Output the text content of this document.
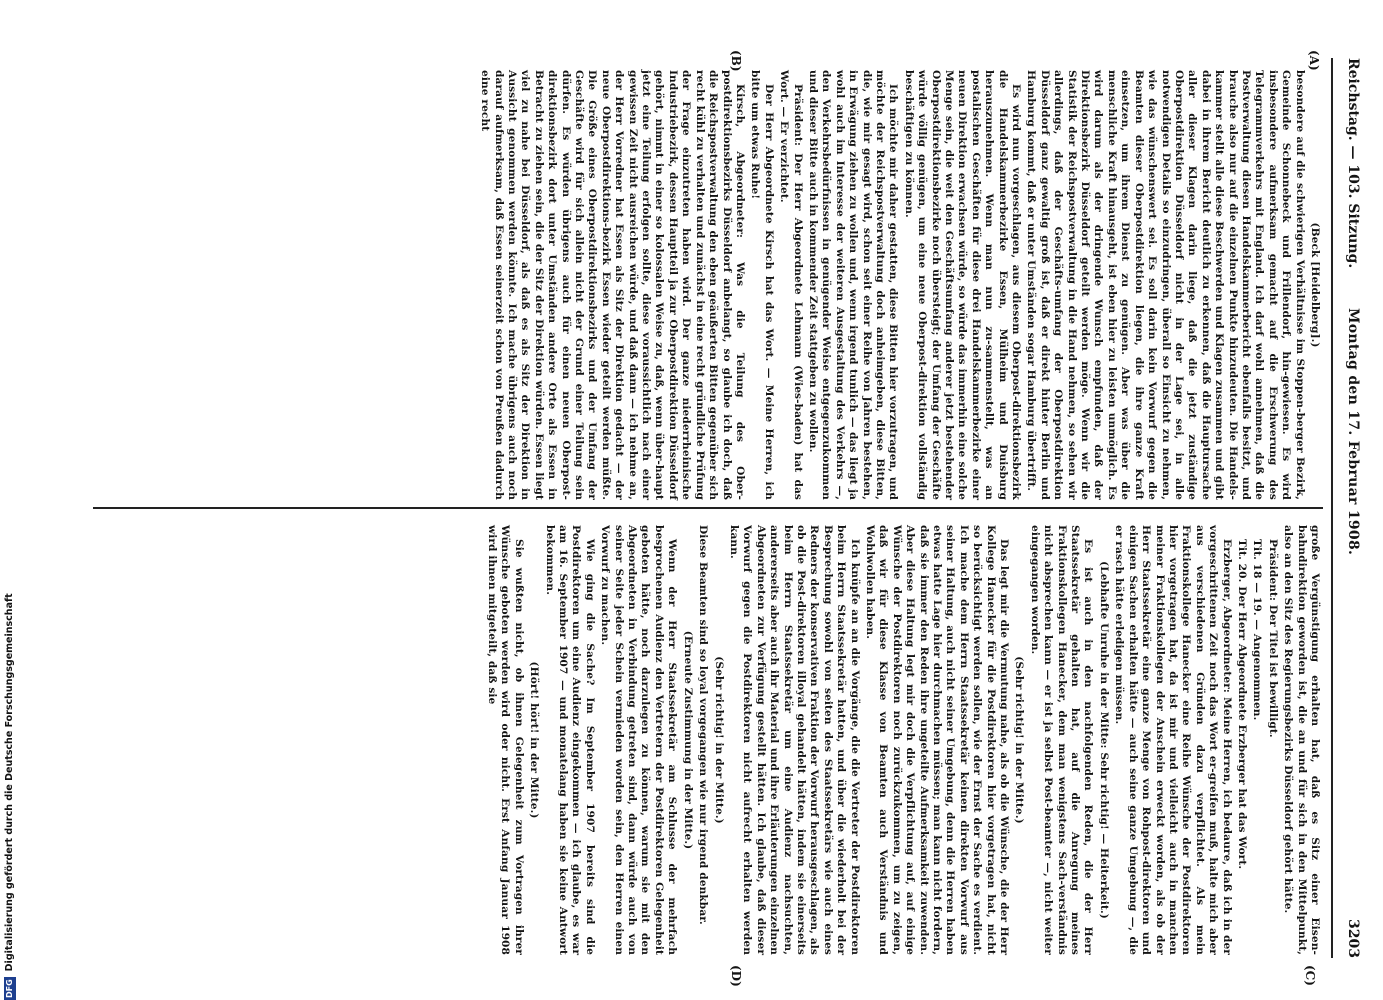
Reichstag. — 103. Sitzung.
Montag den 17. Februar 1908.
3203
(A)
(B)
(C)
(D)

(Beck [Heidelberg].)

besondere auf die schwierigen Verhältnisse im Stoppen-berger Bezirk, Gemeinde Schonnebeck und Frillendorf, hin-gewiesen. Es wird insbesondere aufmerksam gemacht auf die Erschwerung des Telegrammverkehrs mit England. Ich darf wohl annehmen, daß die Postverwaltung diesen Handelskammerbericht ebenfalls besitzt, und brauche also nur auf die einzelnen Punkte hinzudeuten. Die Handels-kammer stellt alle diese Beschwerden und Klagen zusammen und gibt dabei in ihrem Bericht deutlich zu erkennen, daß die Hauptursache aller dieser Klagen darin liege, daß die jetzt zuständige Oberpostdirektion Düsseldorf nicht in der Lage sei, in alle notwendigen Details so einzudringen, überall so Einsicht zu nehmen, wie das wünschenswert sei. Es soll darin kein Vorwurf gegen die Beamten dieser Oberpostdirektion liegen, die ihre ganze Kraft einsetzen, um ihrem Dienst zu genügen. Aber was über die menschliche Kraft hinausgeht, ist eben hier zu leisten unmöglich. Es wird darum als der dringende Wunsch empfunden, daß der Direktionsbezirk Düsseldorf geteilt werden möge. Wenn wir die Statistik der Reichspostverwaltung in die Hand nehmen, so sehen wir allerdings, daß der Geschäfts-umfang der Oberpostdirektion Düsseldorf ganz gewaltig groß ist, daß er direkt hinter Berlin und Hamburg kommt, daß er unter Umständen sogar Hamburg übertrifft.

Es wird nun vorgeschlagen, aus diesem Oberpost-direktionsbezirk die Handelskammerbezirke Essen, Mülheim und Duisburg herauszunehmen. Wenn man nun zu-sammenstellt, was an postalischen Geschäften für diese drei Handelskammerbezirke einer neuen Direktion erwachsen würde, so würde das immerhin eine solche Menge sein, die weit den Geschäftsumfang anderer jetzt bestehender Oberpostdirektionsbezirke noch übersteigt; der Umfang der Geschäfte würde völlig genügen, um eine neue Oberpost-direktion vollständig beschäftigen zu können.

Ich möchte mir daher gestatten, diese Bitten hier vorzutragen, und möchte der Reichspostverwaltung doch anheimgeben, diese Bitten, die, wie mir gesagt wird, schon seit einer Reihe von Jahren bestehen, in Erwägung ziehen zu wollen und, wenn irgend tunlich — das liegt ja wohl auch im Interesse der weiteren Ausgestaltung des Verkehrs —, den Verkehrsbedürfnissen in genügender Weise entgegenzukommen und dieser Bitte auch in kommender Zeit stattgeben zu wollen.

Präsident: Der Herr Abgeordnete Lehmann (Wies-baden) hat das Wort. — Er verzichtet.

Der Herr Abgeordnete Kirsch hat das Wort. — Meine Herren, ich bitte um etwas Ruhe!

Kirsch, Abgeordneter: Was die Teilung des Ober-postdirektionsbezirks Düsseldorf anbelangt, so glaube ich doch, daß die Reichspostverwaltung den eben geäußerten Bitten gegenüber sich recht kühl zu verhalten und zunächst in eine recht gründliche Prüfung der Frage einzutreten haben wird. Der ganze niederrheinische Industriebezirk, dessen Hauptteil ja zur Oberpostdirektion Düsseldorf gehört, nimmt in einer so kolossalen Weise zu, daß, wenn über-haupt jetzt eine Teilung erfolgen sollte, diese voraussichtlich nach einer gewissen Zeit nicht ausreichen würde, und daß dann — ich nehme an, der Herr Vorredner hat Essen als Sitz der Direktion gedacht — der neue Oberpostdirektions-bezirk Essen wieder geteilt werden müßte. Die Größe eines Oberpostdirektionsbezirks und der Umfang der Geschäfte wird für sich allein nicht der Grund einer Teilung sein dürfen. Es würden übrigens auch für einen neuen Oberpost-direktionsbezirk dort unter Umständen andere Orte als Essen in Betracht zu ziehen sein, die der Sitz der Direktion würden. Essen liegt viel zu nahe bei Düsseldorf, als daß es als Sitz der Direktion in Aussicht genommen werden könnte. Ich mache übrigens auch noch darauf aufmerksam, daß Essen seinerzeit schon von Preußen dadurch eine recht

große Vergünstigung erhalten hat, daß es Sitz einer Eisen-bahndirektion geworden ist, die an und für sich in den Mittelpunkt, also an den Sitz des Regierungsbezirks Düsseldorf gehört hätte.

Präsident: Der Titel ist bewilligt.

Tit. 18 — 19. — Angenommen.

Tit. 20. Der Herr Abgeordnete Erzberger hat das Wort.

Erzberger, Abgeordneter: Meine Herren, ich bedaure, daß ich in der vorgeschrittenen Zeit noch das Wort er-greifen muß, halte mich aber aus verschiedenen Gründen dazu verpflichtet. Als mein Fraktionskollege Hanecker eine Reihe Wünsche der Postdirektoren hier vorgetragen hat, da ist mir und vielleicht auch in manchen meiner Fraktionskollegen der Anschein erweckt worden, als ob der Herr Staatssekretär eine ganze Menge von Rohpost-direktoren und einigen Sachen erhalten hätte — auch seine ganze Umgebung —, die er rasch hätte erledigen müssen.

(Lebhafte Unruhe in der Mitte: Sehr richtig! — Heiterkeit.)

Es ist auch in den nachfolgenden Reden, die der Herr Staatssekretär gehalten hat, auf die Anregung meines Fraktionskollegen Hanecker, dem man wenigstens Sach-verständnis nicht absprechen kann — er ist ja selbst Post-beamter —, nicht weiter eingegangen worden.

(Sehr richtig! in der Mitte.)

Das legt mir die Vermutung nahe, als ob die Wünsche, die der Herr Kollege Hanecker für die Postdirektoren hier vorgetragen hat, nicht so berücksichtigt werden sollen, wie der Ernst der Sache es verdient. Ich mache dem Herrn Staatssekretär keinen direkten Vorwurf aus seiner Haltung, auch nicht seiner Umgebung, denn die Herren haben etwas hatte Lage hier durchmachen müssen; man kann nicht fordern, daß sie immer den Reden ihre ungeteilte Aufmerksamkeit zuwenden. Aber diese Haltung legt mir doch die Verpflichtung auf, auf einige Wünsche der Postdirektoren noch zurückzukommen, um zu zeigen, daß wir für diese Klasse von Beamten auch Verständnis und Wohlwollen haben.

Ich knüpfe an an die Vorgänge, die die Vertreter der Postdirektoren beim Herrn Staatssekretär hatten, und über die wiederholt bei der Besprechung sowohl von seiten des Staatssekretärs wie auch eines Redners der konservativen Fraktion der Vorwurf herausgeschlagen, als ob die Post-direktoren illoyal gehandelt hätten, indem sie einerseits beim Herrn Staatssekretär um eine Audienz nachsuchten, andererseits aber auch ihr Material und ihre Erläuterungen einzelnen Abgeordneten zur Verfügung gestellt hätten. Ich glaube, daß dieser Vorwurf gegen die Postdirektoren nicht aufrecht erhalten werden kann.

(Sehr richtig! in der Mitte.)

Diese Beamten sind so loyal vorgegangen wie nur irgend denkbar.

(Erneute Zustimmung in der Mitte.)

Wenn der Herr Staatssekretär am Schlusse der mehrfach besprochenen Audienz den Vertretern der Postdirektoren Gelegenheit geboten hätte, noch darzulegen zu können, warum sie mit den Abgeordneten in Verbindung getreten sind, dann würde auch von seiner Seite jeder Schein vermieden worden sein, den Herren einen Vorwurf zu machen.

Wie ging die Sache? Im September 1907 bereits sind die Postdirektoren um eine Audienz eingekommen — ich glaube, es war am 16. September 1907 — und monatelang haben sie keine Antwort bekommen.

(Hört! hört! in der Mitte.)

Sie wußten nicht, ob ihnen Gelegenheit zum Vortragen ihrer Wünsche geboten werden wird oder nicht. Erst Anfang Januar 1908 wird ihnen mitgeteilt, daß sie

DFGDigitalisierung gefördert durch die Deutsche Forschungsgemeinschaft
